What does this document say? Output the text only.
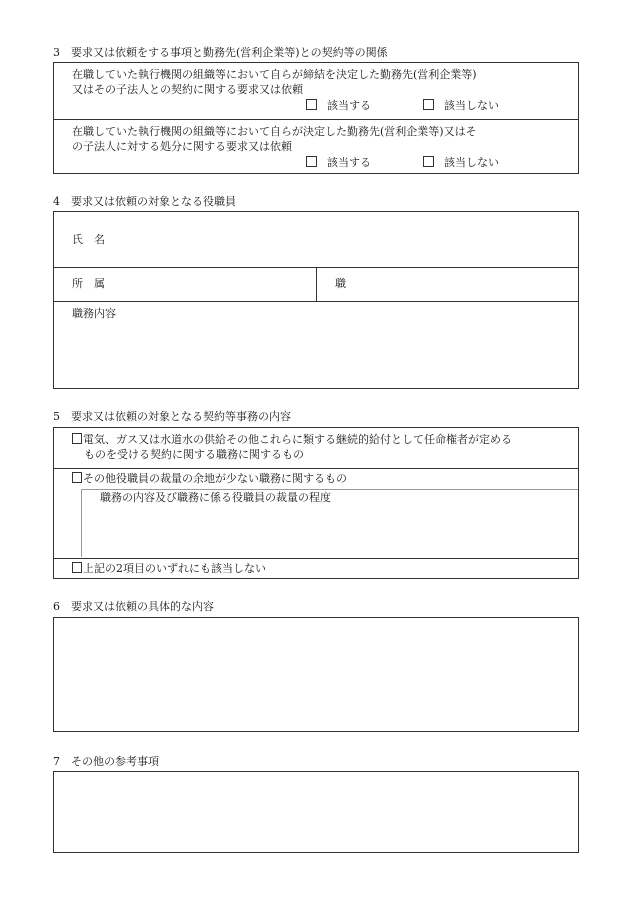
3　要求又は依頼をする事項と勤務先(営利企業等)との契約等の関係
在職していた執行機関の組織等において自らが締結を決定した勤務先(営利企業等)
又はその子法人との契約に関する要求又は依頼
該当する	該当しない
在職していた執行機関の組織等において自らが決定した勤務先(営利企業等)又はそ
の子法人に対する処分に関する要求又は依頼
該当する	該当しない
4　要求又は依頼の対象となる役職員
氏　名
所　属	職
職務内容
5　要求又は依頼の対象となる契約等事務の内容
電気、ガス又は水道水の供給その他これらに類する継続的給付として任命権者が定める
ものを受ける契約に関する職務に関するもの
その他役職員の裁量の余地が少ない職務に関するもの
職務の内容及び職務に係る役職員の裁量の程度
上記の2項目のいずれにも該当しない
6　要求又は依頼の具体的な内容
7　その他の参考事項
